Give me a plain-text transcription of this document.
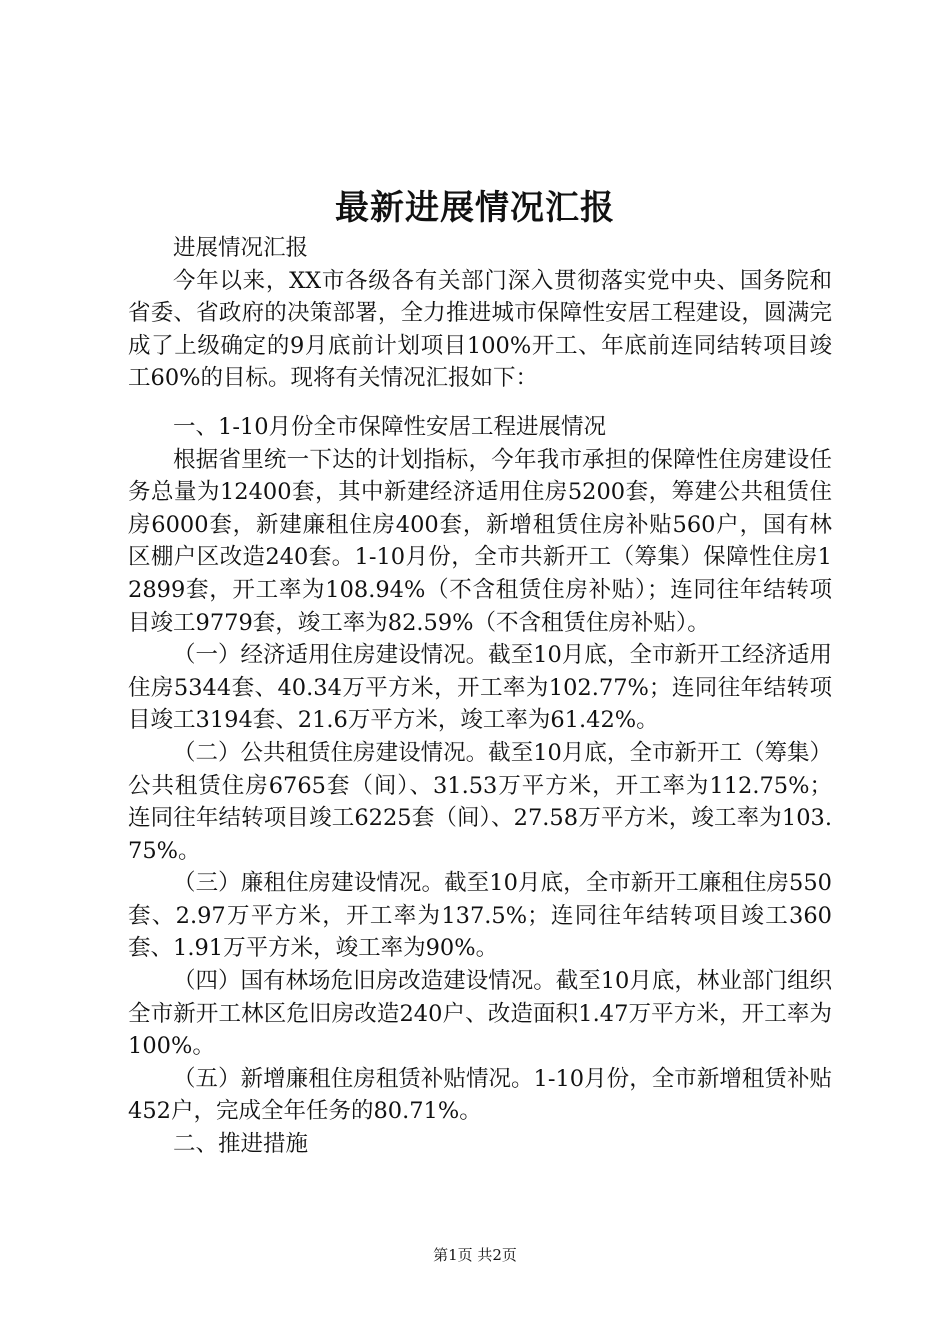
最新进展情况汇报

进展情况汇报

今年以来，XX市各级各有关部门深入贯彻落实党中央、国务院和省委、省政府的决策部署，全力推进城市保障性安居工程建设，圆满完成了上级确定的9月底前计划项目100%开工、年底前连同结转项目竣工60%的目标。现将有关情况汇报如下：

一、1-10月份全市保障性安居工程进展情况

根据省里统一下达的计划指标，今年我市承担的保障性住房建设任务总量为12400套，其中新建经济适用住房5200套，筹建公共租赁住房6000套，新建廉租住房400套，新增租赁住房补贴560户，国有林区棚户区改造240套。1-10月份，全市共新开工（筹集）保障性住房12899套，开工率为108.94%（不含租赁住房补贴）；连同往年结转项目竣工9779套，竣工率为82.59%（不含租赁住房补贴）。

（一）经济适用住房建设情况。截至10月底，全市新开工经济适用住房5344套、40.34万平方米，开工率为102.77%；连同往年结转项目竣工3194套、21.6万平方米，竣工率为61.42%。

（二）公共租赁住房建设情况。截至10月底，全市新开工（筹集）公共租赁住房6765套（间）、31.53万平方米，开工率为112.75%；连同往年结转项目竣工6225套（间）、27.58万平方米，竣工率为103.75%。

（三）廉租住房建设情况。截至10月底，全市新开工廉租住房550套、2.97万平方米，开工率为137.5%；连同往年结转项目竣工360套、1.91万平方米，竣工率为90%。

（四）国有林场危旧房改造建设情况。截至10月底，林业部门组织全市新开工林区危旧房改造240户、改造面积1.47万平方米，开工率为100%。

（五）新增廉租住房租赁补贴情况。1-10月份，全市新增租赁补贴452户，完成全年任务的80.71%。

二、推进措施

第1页 共2页
